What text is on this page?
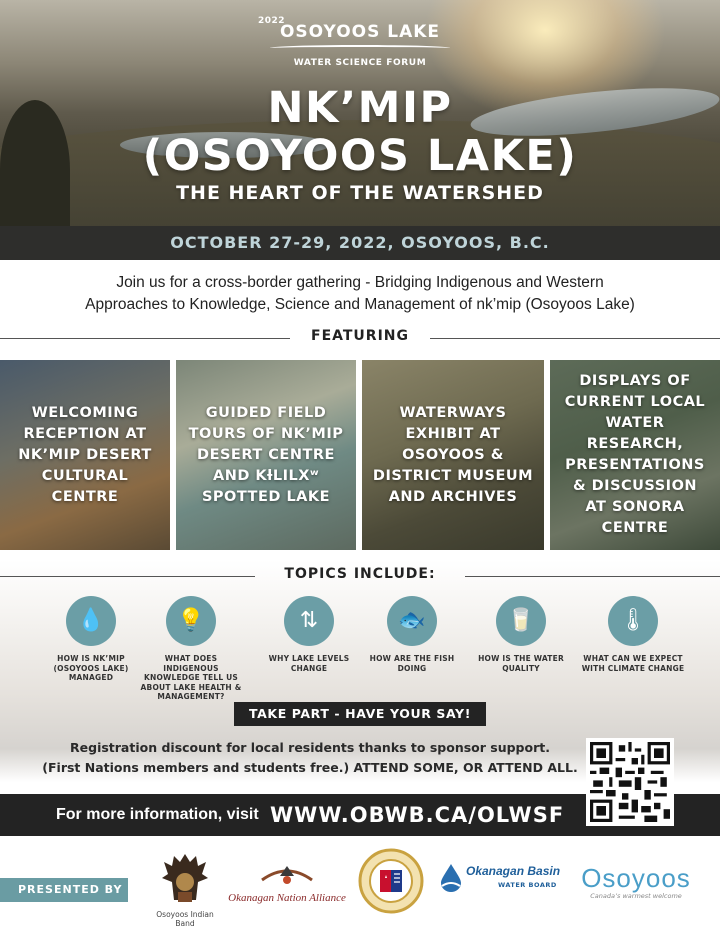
2022
OSOYOOS LAKE
WATER SCIENCE FORUM
NK’MIP
(OSOYOOS LAKE)
THE HEART OF THE WATERSHED
OCTOBER 27-29, 2022, OSOYOOS, B.C.
Join us for a cross-border gathering - Bridging Indigenous and Western
Approaches to Knowledge, Science and Management of nk’mip (Osoyoos Lake)
FEATURING
WELCOMING RECEPTION AT NK’MIP DESERT CULTURAL CENTRE
GUIDED FIELD TOURS OF NK’MIP DESERT CENTRE AND KƚLILXʷ SPOTTED LAKE
WATERWAYS EXHIBIT AT OSOYOOS & DISTRICT MUSEUM AND ARCHIVES
DISPLAYS OF CURRENT LOCAL WATER RESEARCH, PRESENTATIONS & DISCUSSION AT SONORA CENTRE
TOPICS INCLUDE:
💧
HOW IS NK’MIP (OSOYOOS LAKE) MANAGED
💡
WHAT DOES INDIGENOUS KNOWLEDGE TELL US ABOUT LAKE HEALTH & MANAGEMENT?
⇅
WHY LAKE LEVELS CHANGE
🐟
HOW ARE THE FISH DOING
🥛
HOW IS THE WATER QUALITY
🌡
WHAT CAN WE EXPECT WITH CLIMATE CHANGE
TAKE PART - HAVE YOUR SAY!
Registration discount for local residents thanks to sponsor support.
(First Nations members and students free.) ATTEND SOME, OR ATTEND ALL.
For more information, visit WWW.OBWB.CA/OLWSF
PRESENTED BY
Osoyoos Indian Band
Okanagan Nation Alliance
Okanagan Basin
WATER BOARD Osoyoos
Canada’s warmest welcome
